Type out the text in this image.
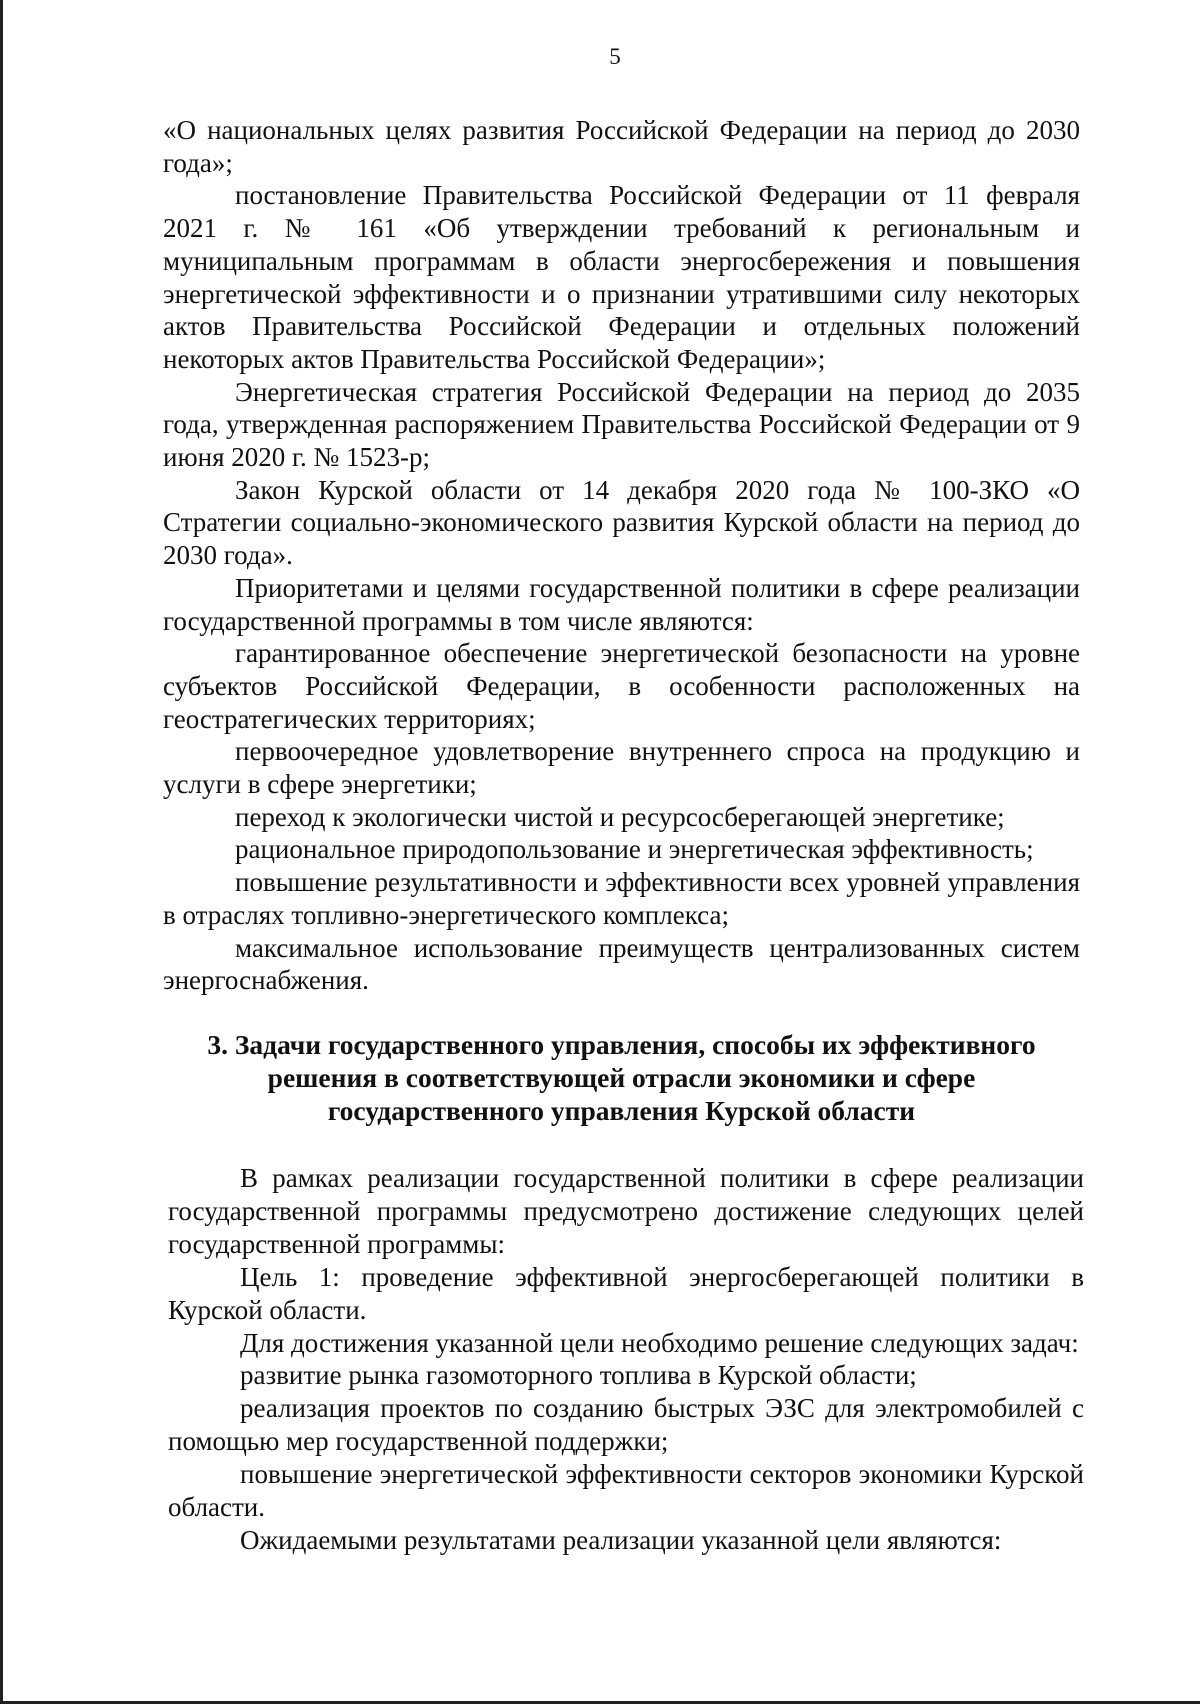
5

«О национальных целях развития Российской Федерации на период до 2030 года»;

постановление Правительства Российской Федерации от 11 февраля 2021 г. № 161 «Об утверждении требований к региональным и муниципальным программам в области энергосбережения и повышения энергетической эффективности и о признании утратившими силу некоторых актов Правительства Российской Федерации и отдельных положений некоторых актов Правительства Российской Федерации»;

Энергетическая стратегия Российской Федерации на период до 2035 года, утвержденная распоряжением Правительства Российской Федерации от 9 июня 2020 г. № 1523-р;

Закон Курской области от 14 декабря 2020 года № 100-ЗКО «О Стратегии социально-экономического развития Курской области на период до 2030 года».

Приоритетами и целями государственной политики в сфере реализации государственной программы в том числе являются:

гарантированное обеспечение энергетической безопасности на уровне субъектов Российской Федерации, в особенности расположенных на геостратегических территориях;

первоочередное удовлетворение внутреннего спроса на продукцию и услуги в сфере энергетики;

переход к экологически чистой и ресурсосберегающей энергетике;

рациональное природопользование и энергетическая эффективность;

повышение результативности и эффективности всех уровней управления в отраслях топливно-энергетического комплекса;

максимальное использование преимуществ централизованных систем энергоснабжения.

3. Задачи государственного управления, способы их эффективного решения в соответствующей отрасли экономики и сфере государственного управления Курской области

В рамках реализации государственной политики в сфере реализации государственной программы предусмотрено достижение следующих целей государственной программы:

Цель 1: проведение эффективной энергосберегающей политики в Курской области.

Для достижения указанной цели необходимо решение следующих задач:

развитие рынка газомоторного топлива в Курской области;

реализация проектов по созданию быстрых ЭЗС для электромобилей с помощью мер государственной поддержки;

повышение энергетической эффективности секторов экономики Курской области.

Ожидаемыми результатами реализации указанной цели являются:
